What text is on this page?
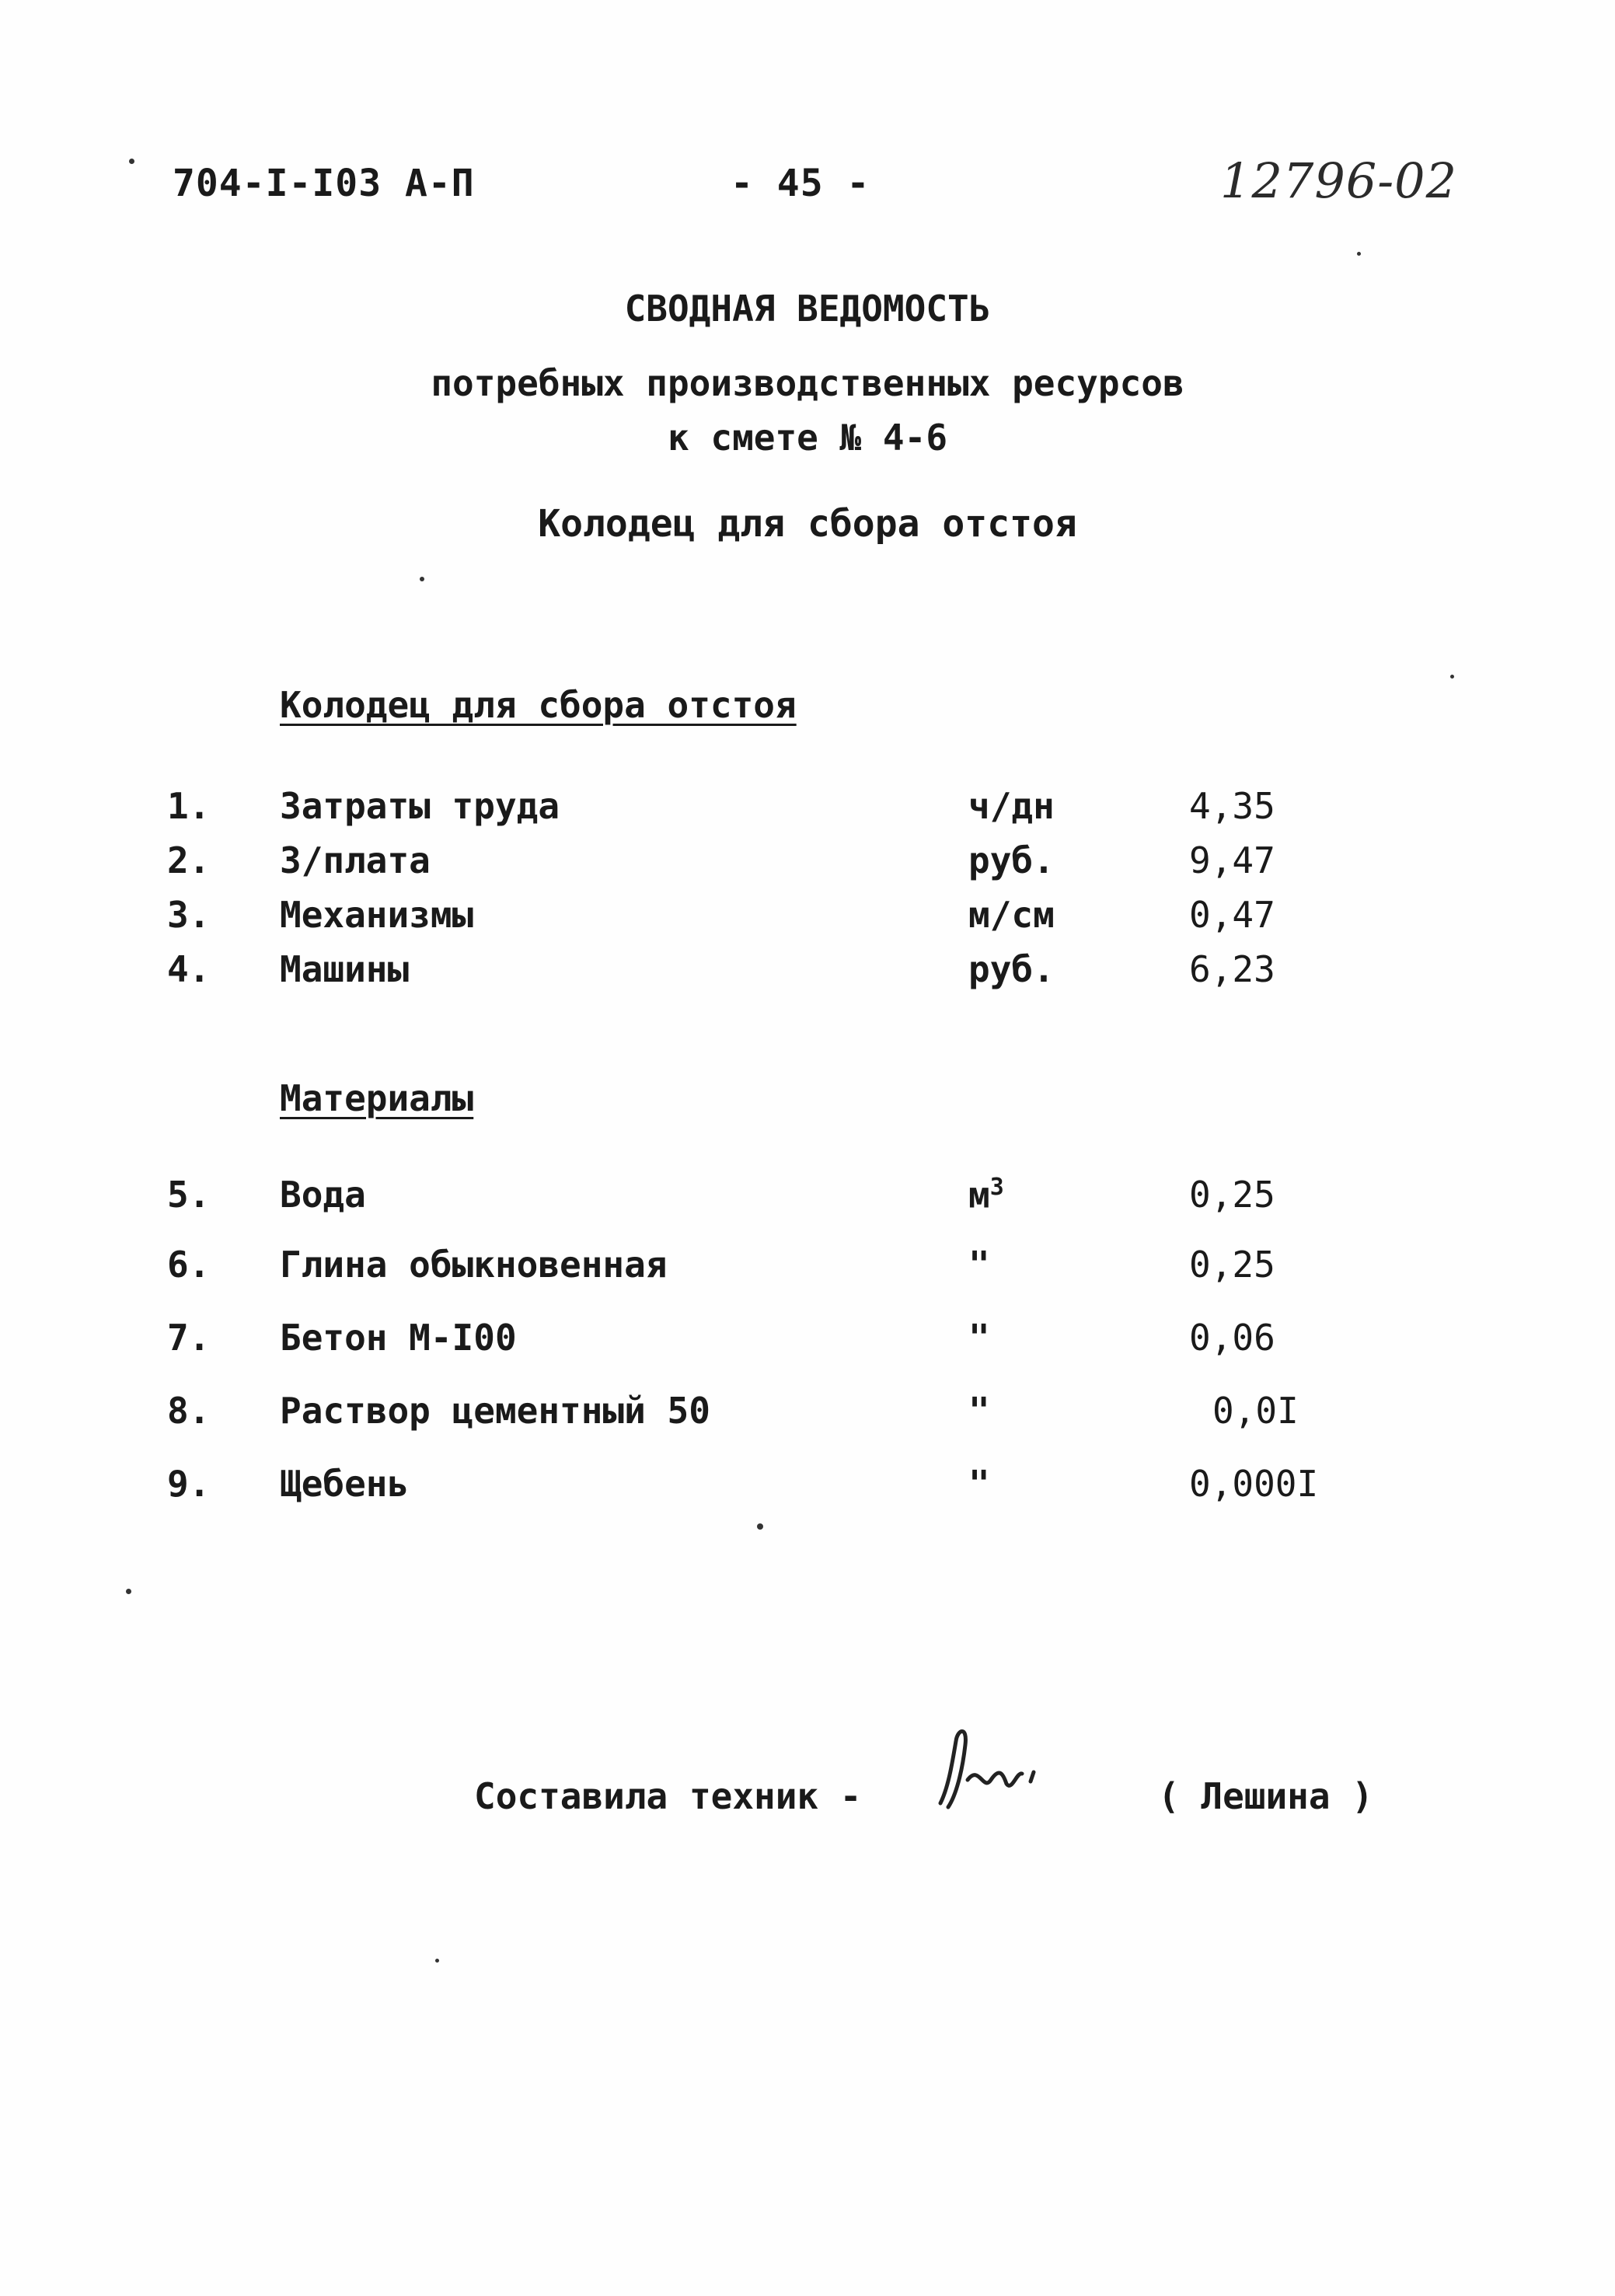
704-I-I03 А-П	- 45 -	12796-02
СВОДНАЯ ВЕДОМОСТЬ
потребных производственных ресурсов
к смете № 4-6
Колодец для сбора отстоя
Колодец для сбора отстоя
1. Затраты труда	ч/дн	4,35
2. З/плата	руб.	9,47
3. Механизмы	м/см	0,47
4. Машины	руб.	6,23
Материалы
5. Вода	$м^3$	0,25
6. Глина обыкновенная	"	0,25
7. Бетон М-I00	"	0,06
8. Раствор цементный 50	"	0,0I
9. Щебень	"	0,000I
Составила техник -	( Лешина )
